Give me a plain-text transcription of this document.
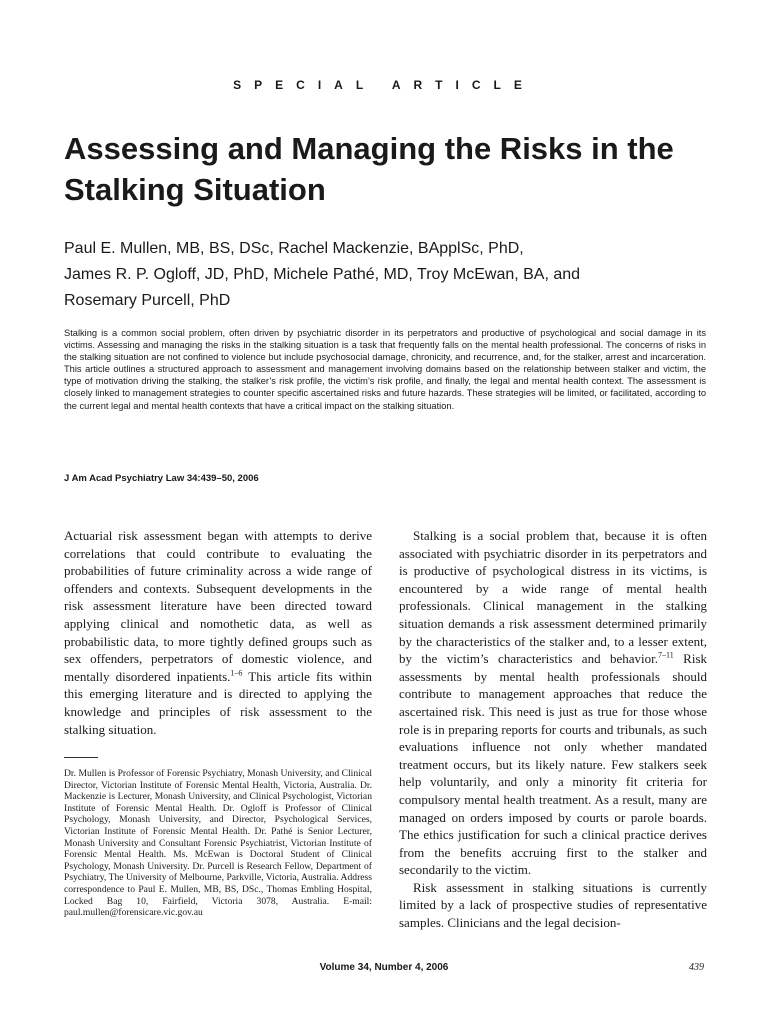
SPECIAL ARTICLE
Assessing and Managing the Risks in the Stalking Situation
Paul E. Mullen, MB, BS, DSc, Rachel Mackenzie, BApplSc, PhD,
James R. P. Ogloff, JD, PhD, Michele Pathé, MD, Troy McEwan, BA, and
Rosemary Purcell, PhD
Stalking is a common social problem, often driven by psychiatric disorder in its perpetrators and productive of psychological and social damage in its victims. Assessing and managing the risks in the stalking situation is a task that frequently falls on the mental health professional. The concerns of risks in the stalking situation are not confined to violence but include psychosocial damage, chronicity, and recurrence, and, for the stalker, arrest and incarceration. This article outlines a structured approach to assessment and management involving domains based on the relationship between stalker and victim, the type of motivation driving the stalking, the stalker’s risk profile, the victim’s risk profile, and finally, the legal and mental health context. The assessment is closely linked to management strategies to counter specific ascertained risks and future hazards. These strategies will be limited, or facilitated, according to the current legal and mental health contexts that have a critical impact on the stalking situation.
J Am Acad Psychiatry Law 34:439–50, 2006

Actuarial risk assessment began with attempts to derive correlations that could contribute to evaluating the probabilities of future criminality across a wide range of offenders and contexts. Subsequent developments in the risk assessment literature have been directed toward applying clinical and nomothetic data, as well as probabilistic data, to more tightly defined groups such as sex offenders, perpetrators of domestic violence, and mentally disordered inpatients.$^{1-6}$ This article fits within this emerging literature and is directed to applying the knowledge and principles of risk assessment to the stalking situation.

Dr. Mullen is Professor of Forensic Psychiatry, Monash University, and Clinical Director, Victorian Institute of Forensic Mental Health, Victoria, Australia. Dr. Mackenzie is Lecturer, Monash University, and Clinical Psychologist, Victorian Institute of Forensic Mental Health. Dr. Ogloff is Professor of Clinical Psychology, Monash University, and Director, Psychological Services, Victorian Institute of Forensic Mental Health. Dr. Pathé is Senior Lecturer, Monash University and Consultant Forensic Psychiatrist, Victorian Institute of Forensic Mental Health. Ms. McEwan is Doctoral Student of Clinical Psychology, Monash University. Dr. Purcell is Research Fellow, Department of Psychiatry, The University of Melbourne, Parkville, Victoria, Australia. Address correspondence to Paul E. Mullen, MB, BS, DSc., Thomas Embling Hospital, Locked Bag 10, Fairfield, Victoria 3078, Australia. E-mail: paul.mullen@forensicare.vic.gov.au

Stalking is a social problem that, because it is often associated with psychiatric disorder in its perpetrators and is productive of psychological distress in its victims, is encountered by a wide range of mental health professionals. Clinical management in the stalking situation demands a risk assessment determined primarily by the characteristics of the stalker and, to a lesser extent, by the victim’s characteristics and behavior.$^{7-11}$ Risk assessments by mental health professionals should contribute to management approaches that reduce the ascertained risk. This need is just as true for those whose role is in preparing reports for courts and tribunals, as such evaluations influence not only whether mandated treatment occurs, but its likely nature. Few stalkers seek help voluntarily, and only a minority fit criteria for compulsory mental health treatment. As a result, many are managed on orders imposed by courts or parole boards. The ethics justification for such a clinical practice derives from the benefits accruing first to the stalker and secondarily to the victim.

Risk assessment in stalking situations is currently limited by a lack of prospective studies of representative samples. Clinicians and the legal decision-

Volume 34, Number 4, 2006	439
